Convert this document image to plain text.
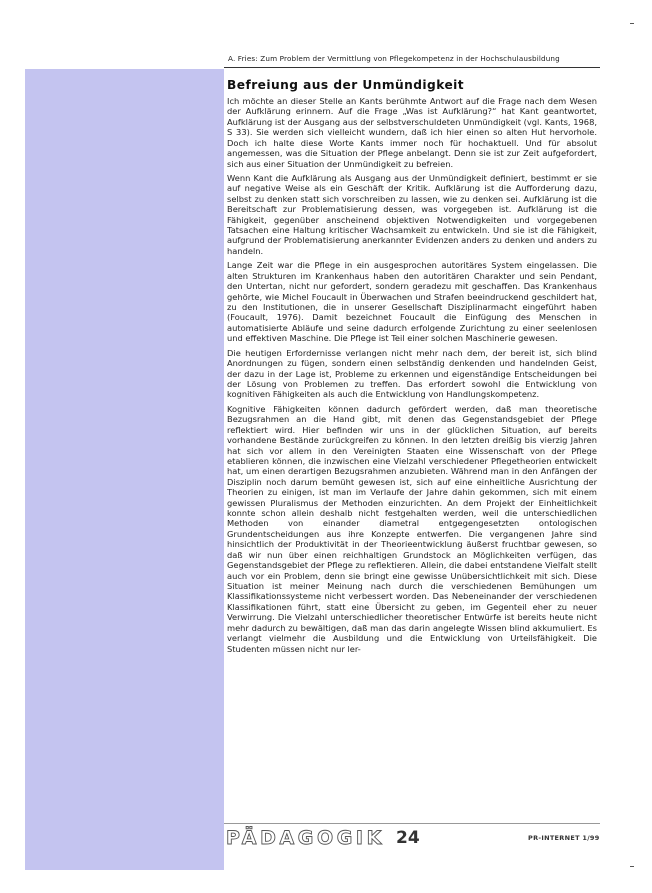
A. Fries: Zum Problem der Vermittlung von Pflegekompetenz in der Hochschulausbildung
Befreiung aus der Unmündigkeit

Ich möchte an dieser Stelle an Kants berühmte Antwort auf die Frage nach dem Wesen der Aufklärung erinnern. Auf die Frage „Was ist Aufklärung?“ hat Kant geantwortet, Aufklärung ist der Ausgang aus der selbstverschuldeten Unmündigkeit (vgl. Kants, 1968, S 33). Sie werden sich vielleicht wundern, daß ich hier einen so alten Hut hervorhole. Doch ich halte diese Worte Kants immer noch für hochaktuell. Und für absolut angemessen, was die Situation der Pflege anbelangt. Denn sie ist zur Zeit aufgefordert, sich aus einer Situation der Unmündigkeit zu befreien.

Wenn Kant die Aufklärung als Ausgang aus der Unmündigkeit definiert, bestimmt er sie auf negative Weise als ein Geschäft der Kritik. Aufklärung ist die Aufforderung dazu, selbst zu denken statt sich vorschreiben zu lassen, wie zu denken sei. Aufklärung ist die Bereitschaft zur Problematisierung dessen, was vorgegeben ist. Aufklärung ist die Fähigkeit, gegenüber anscheinend objektiven Notwendigkeiten und vorgegebenen Tatsachen eine Haltung kritischer Wachsamkeit zu entwickeln. Und sie ist die Fähigkeit, aufgrund der Problematisierung anerkannter Evidenzen anders zu denken und anders zu handeln.

Lange Zeit war die Pflege in ein ausgesprochen autoritäres System eingelassen. Die alten Strukturen im Krankenhaus haben den autoritären Charakter und sein Pendant, den Untertan, nicht nur gefordert, sondern geradezu mit geschaffen. Das Krankenhaus gehörte, wie Michel Foucault in Überwachen und Strafen beeindruckend geschildert hat, zu den Institutionen, die in unserer Gesellschaft Disziplinarmacht eingeführt haben (Foucault, 1976). Damit bezeichnet Foucault die Einfügung des Menschen in automatisierte Abläufe und seine dadurch erfolgende Zurichtung zu einer seelenlosen und effektiven Maschine. Die Pflege ist Teil einer solchen Maschinerie gewesen.

Die heutigen Erfordernisse verlangen nicht mehr nach dem, der bereit ist, sich blind Anordnungen zu fügen, sondern einen selbständig denkenden und handelnden Geist, der dazu in der Lage ist, Probleme zu erkennen und eigenständige Entscheidungen bei der Lösung von Problemen zu treffen. Das erfordert sowohl die Entwicklung von kognitiven Fähigkeiten als auch die Entwicklung von Handlungskompetenz.

Kognitive Fähigkeiten können dadurch gefördert werden, daß man theoretische Bezugsrahmen an die Hand gibt, mit denen das Gegenstandsgebiet der Pflege reflektiert wird. Hier befinden wir uns in der glücklichen Situation, auf bereits vorhandene Bestände zurückgreifen zu können. In den letzten dreißig bis vierzig Jahren hat sich vor allem in den Vereinigten Staaten eine Wissenschaft von der Pflege etablieren können, die inzwischen eine Vielzahl verschiedener Pflegetheorien entwickelt hat, um einen derartigen Bezugsrahmen anzubieten. Während man in den Anfängen der Disziplin noch darum bemüht gewesen ist, sich auf eine einheitliche Ausrichtung der Theorien zu einigen, ist man im Verlaufe der Jahre dahin gekommen, sich mit einem gewissen Pluralismus der Methoden einzurichten. An dem Projekt der Einheitlichkeit konnte schon allein deshalb nicht festgehalten werden, weil die unterschiedlichen Methoden von einander diametral entgegengesetzten ontologischen Grundentscheidungen aus ihre Konzepte entwerfen. Die vergangenen Jahre sind hinsichtlich der Produktivität in der Theorieentwicklung äußerst fruchtbar gewesen, so daß wir nun über einen reichhaltigen Grundstock an Möglichkeiten verfügen, das Gegenstandsgebiet der Pflege zu reflektieren. Allein, die dabei entstandene Vielfalt stellt auch vor ein Problem, denn sie bringt eine gewisse Unübersichtlichkeit mit sich. Diese Situation ist meiner Meinung nach durch die verschiedenen Bemühungen um Klassifikationssysteme nicht verbessert worden. Das Nebeneinander der verschiedenen Klassifikationen führt, statt eine Übersicht zu geben, im Gegenteil eher zu neuer Verwirrung. Die Vielzahl unterschiedlicher theoretischer Entwürfe ist bereits heute nicht mehr dadurch zu bewältigen, daß man das darin angelegte Wissen blind akkumuliert. Es verlangt vielmehr die Ausbildung und die Entwicklung von Urteilsfähigkeit. Die Studenten müssen nicht nur ler-

PÄDAGOGIK 24	PR-INTERNET 1/99
